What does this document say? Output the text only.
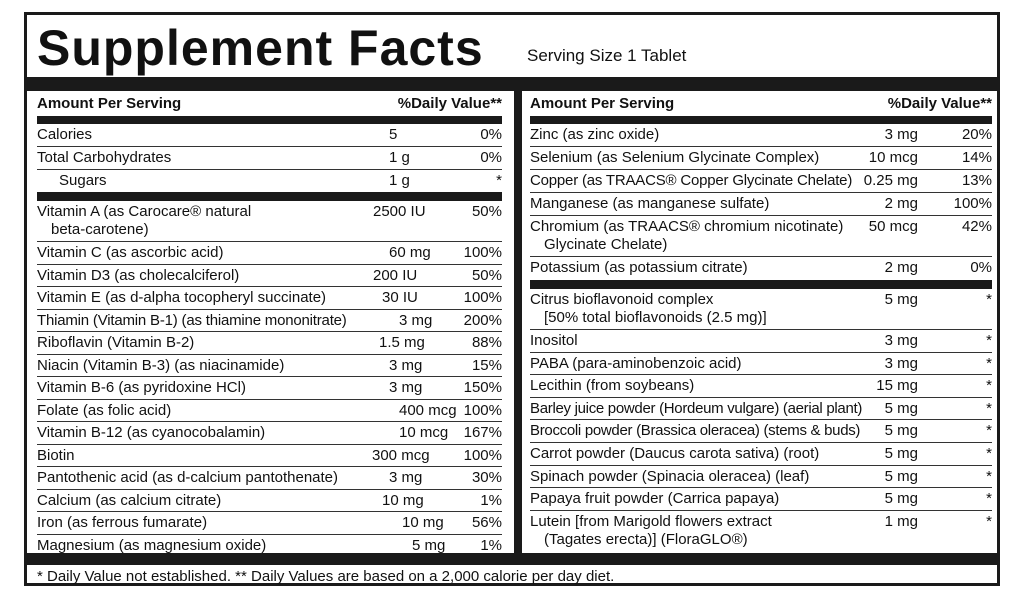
Supplement Facts	Serving Size 1 Tablet
Amount Per Serving	%Daily Value**
Calories	5	0%
Total Carbohydrates	1 g	0%
Sugars	1 g	*
Vitamin A (as Carocare® natural
beta-carotene)
2500 IU	50%
Vitamin C (as ascorbic acid)	60 mg 100%
Vitamin D3 (as cholecalciferol)	200 IU	50%
Vitamin E (as d-alpha tocopheryl succinate)	30 IU	100%
Thiamin (Vitamin B-1) (as thiamine mononitrate)	3 mg 200%
Riboflavin (Vitamin B-2)	1.5 mg	88%
Niacin (Vitamin B-3) (as niacinamide)	3 mg	15%
Vitamin B-6 (as pyridoxine HCl)	3 mg	150%
Folate (as folic acid)	400 mcg 100%
Vitamin B-12 (as cyanocobalamin)	10 mcg 167%
Biotin	300 mcg 100%
Pantothenic acid (as d-calcium pantothenate)	3 mg	30%
Calcium (as calcium citrate)	10 mg	1%
Iron (as ferrous fumarate)	10 mg 56%
Magnesium (as magnesium oxide)	5 mg 1%
Amount Per Serving	%Daily Value**
Zinc (as zinc oxide)	3 mg	20%
Selenium (as Selenium Glycinate Complex)	10 mcg	14%
Copper (as TRAACS® Copper Glycinate Chelate) 0.25 mg	13%
Manganese (as manganese sulfate)	2 mg 100%
Chromium (as TRAACS® chromium nicotinate)
Glycinate Chelate)
50 mcg	42%
Potassium (as potassium citrate)	2 mg	0%
Citrus bioflavonoid complex
[50% total bioflavonoids (2.5 mg)]
5 mg	*
Inositol	3 mg	*
PABA (para-aminobenzoic acid)	3 mg	*
Lecithin (from soybeans)	15 mg	*
Barley juice powder (Hordeum vulgare) (aerial plant) 5 mg	*
Broccoli powder (Brassica oleracea) (stems & buds) 5 mg	*
Carrot powder (Daucus carota sativa) (root)	5 mg	*
Spinach powder (Spinacia oleracea) (leaf)	5 mg	*
Papaya fruit powder (Carrica papaya)	5 mg	*
Lutein [from Marigold flowers extract
(Tagates erecta)] (FloraGLO®)
1 mg	*
* Daily Value not established. ** Daily Values are based on a 2,000 calorie per day diet.
